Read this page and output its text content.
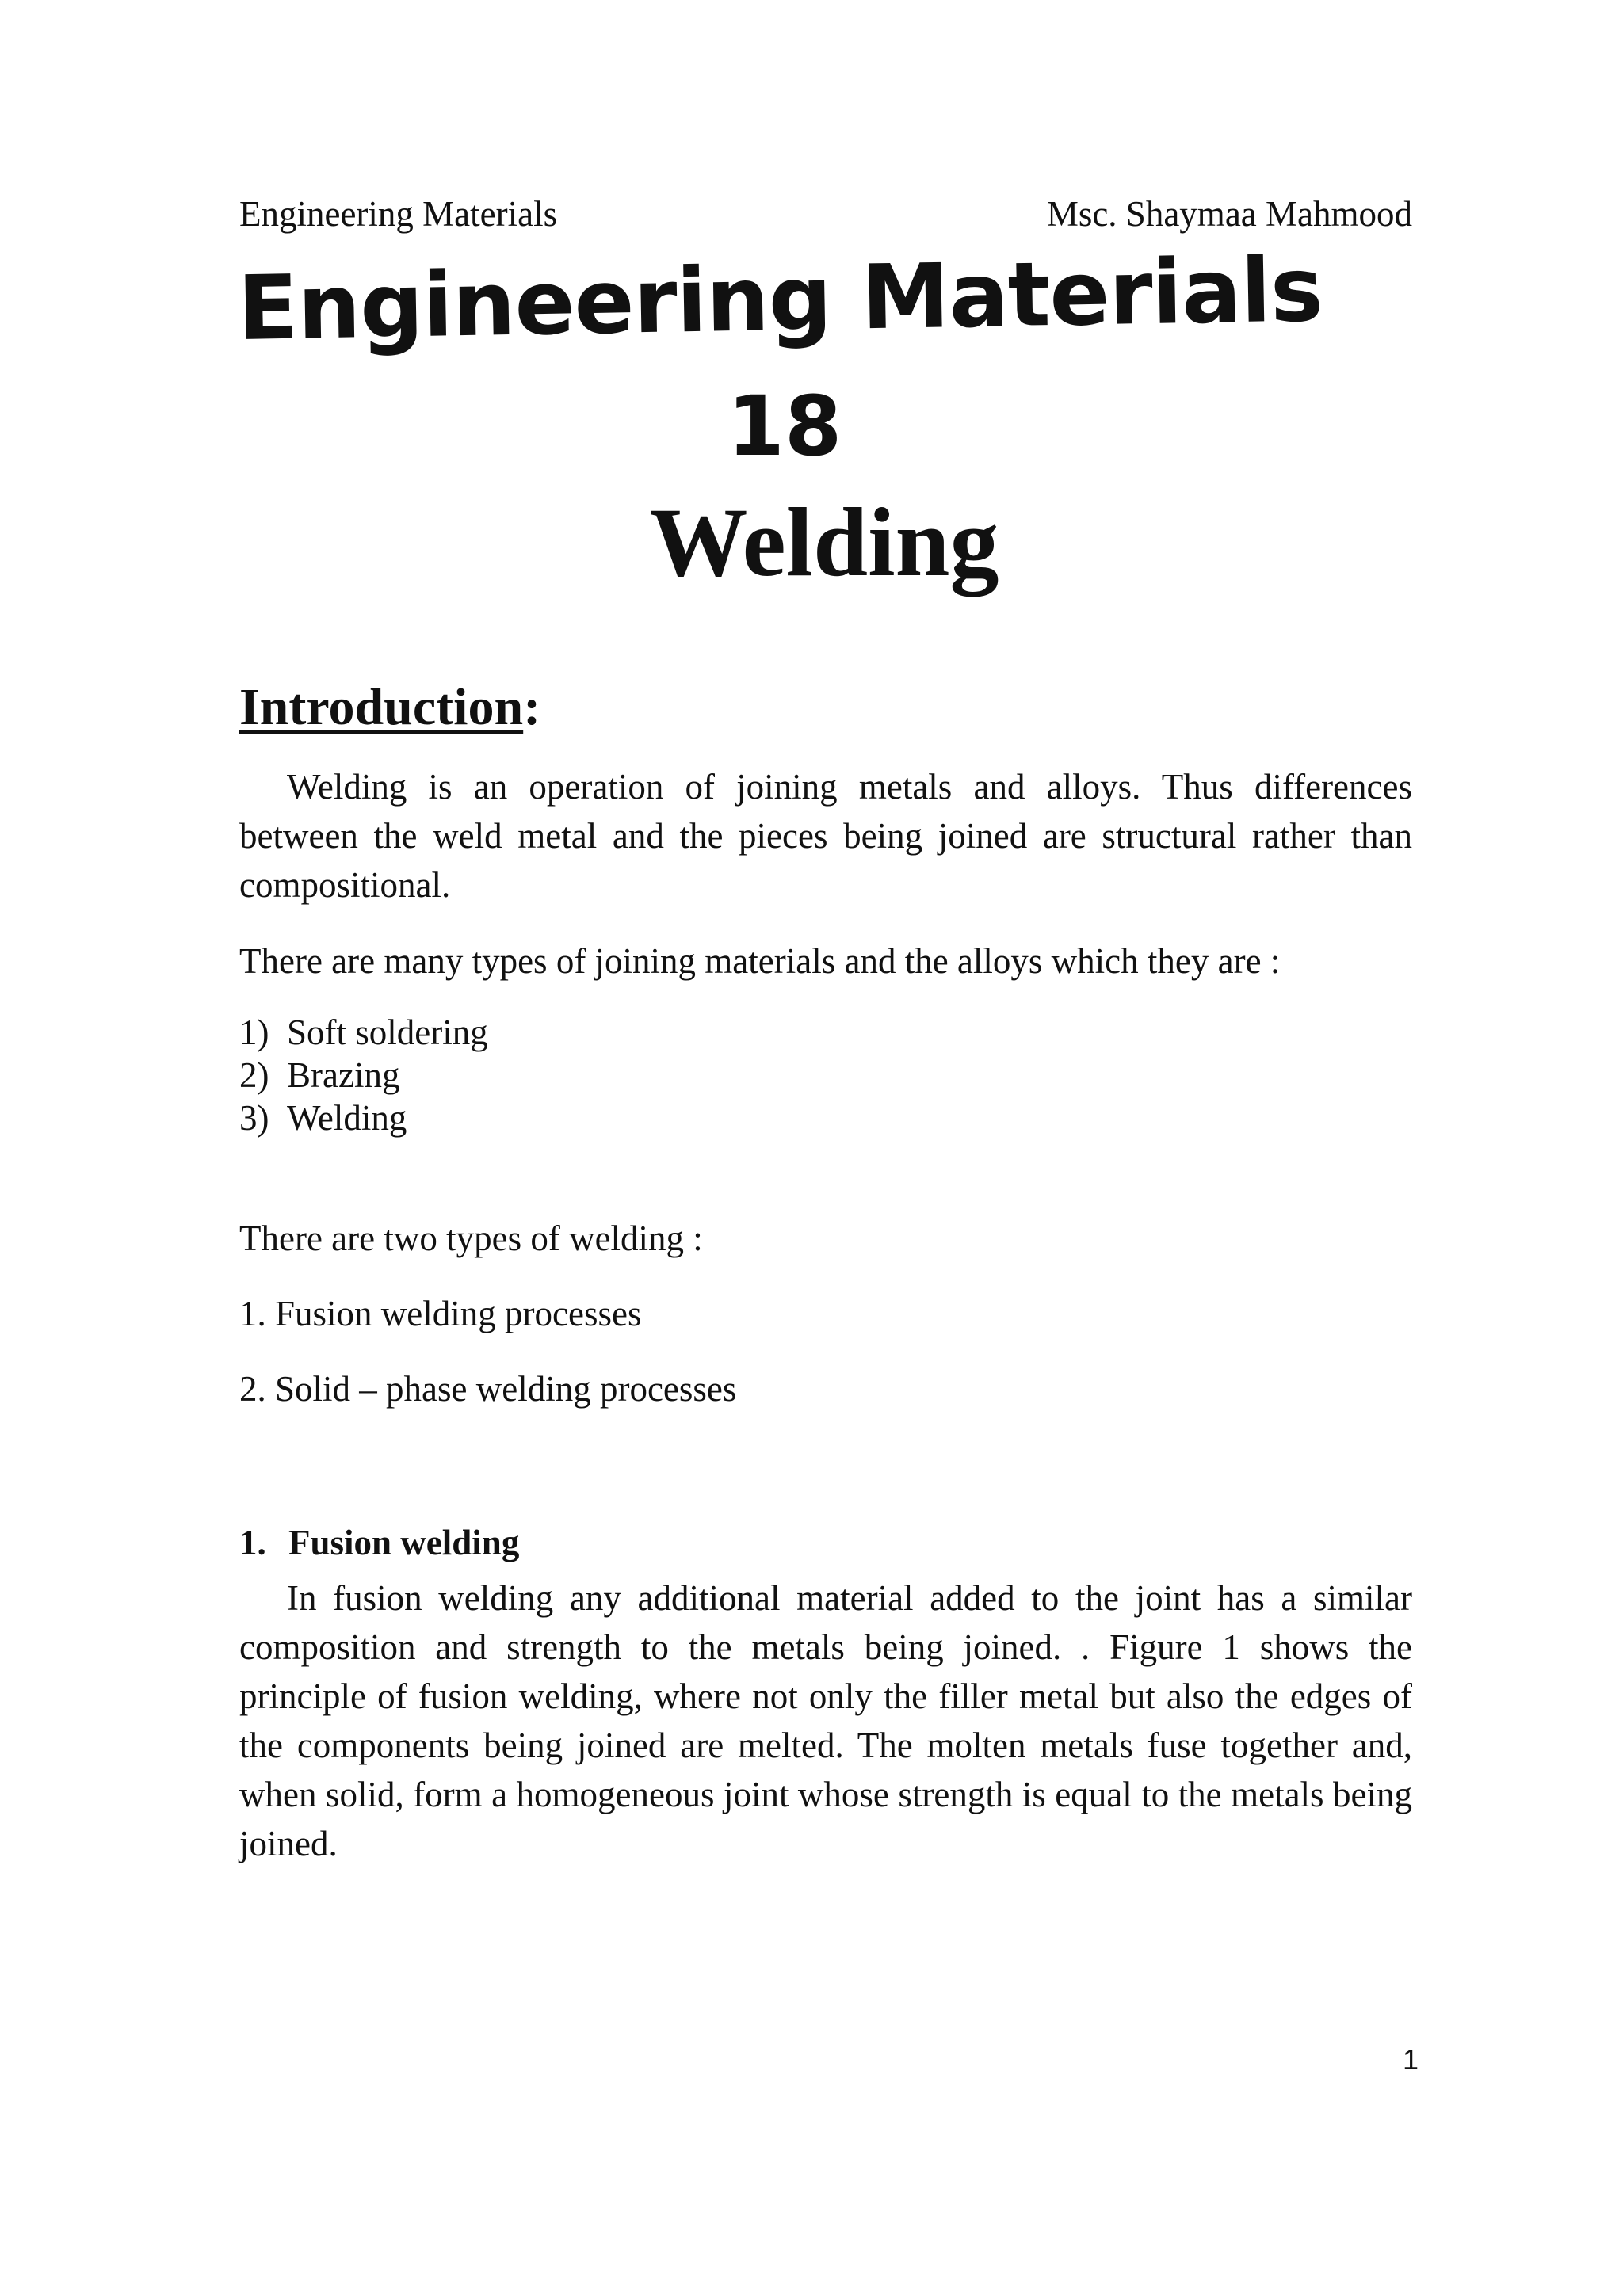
Engineering Materials	Msc. Shaymaa Mahmood
Engineering Materials
18
Welding
Introduction:

Welding is an operation of joining metals and alloys. Thus differences between the weld metal and the pieces being joined are structural rather than compositional.

There are many types of joining materials and the alloys which they are :
1) Soft soldering
2) Brazing
3) Welding
There are two types of welding :
1. Fusion welding processes
2. Solid – phase welding processes
1. Fusion welding

In fusion welding any additional material added to the joint has a similar composition and strength to the metals being joined. . Figure 1 shows the principle of fusion welding, where not only the filler metal but also the edges of the components being joined are melted. The molten metals fuse together and, when solid, form a homogeneous joint whose strength is equal to the metals being joined.

1
